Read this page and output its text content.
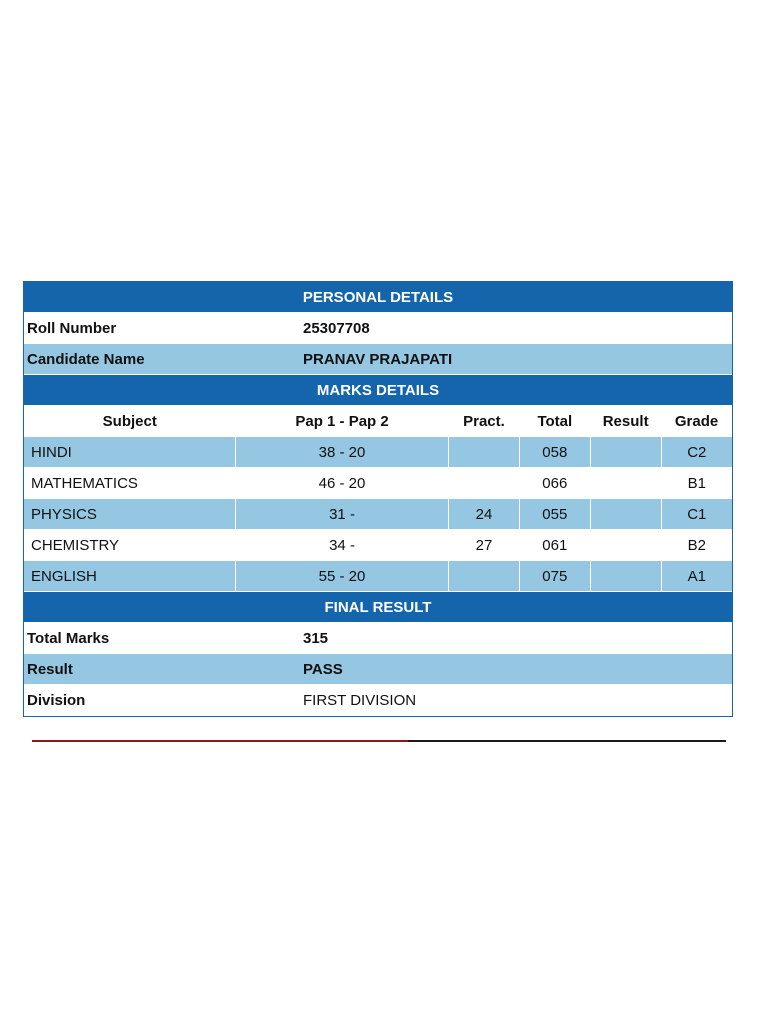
PERSONAL DETAILS
Roll Number	25307708
Candidate Name	PRANAV PRAJAPATI
MARKS DETAILS
Subject	Pap 1 - Pap 2	Pract.	Total	Result	Grade
HINDI	38 - 20		058		C2
MATHEMATICS	46 - 20		066		B1
PHYSICS	31 -	24	055		C1
CHEMISTRY	34 -	27	061		B2
ENGLISH	55 - 20		075		A1
FINAL RESULT
Total Marks	315
Result	PASS
Division	FIRST DIVISION
